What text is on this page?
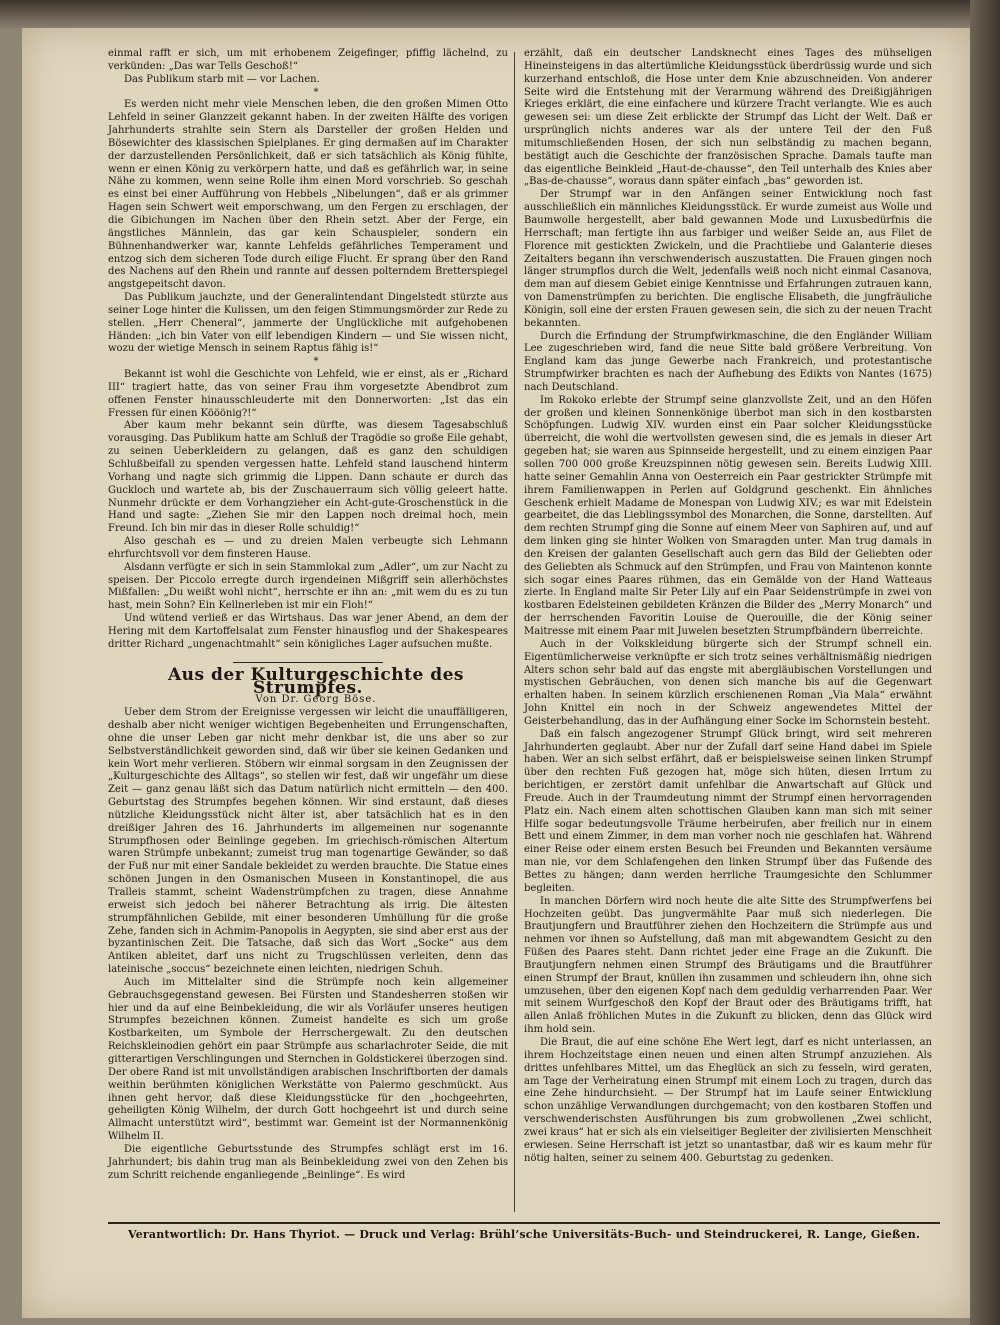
einmal rafft er sich, um mit erhobenem Zeigefinger, pfiffig lächelnd, zu verkünden: „Das war Tells Geschoß!“

Das Publikum starb mit — vor Lachen.

*

Es werden nicht mehr viele Menschen leben, die den großen Mimen Otto Lehfeld in seiner Glanzzeit gekannt haben. In der zweiten Hälfte des vorigen Jahrhunderts strahlte sein Stern als Darsteller der großen Helden und Bösewichter des klassischen Spielplanes. Er ging dermaßen auf im Charakter der darzustellenden Persönlichkeit, daß er sich tatsächlich als König fühlte, wenn er einen König zu verkörpern hatte, und daß es gefährlich war, in seine Nähe zu kommen, wenn seine Rolle ihm einen Mord vorschrieb. So geschah es einst bei einer Aufführung von Hebbels „Nibelungen“, daß er als grimmer Hagen sein Schwert weit emporschwang, um den Fergen zu erschlagen, der die Gibichungen im Nachen über den Rhein setzt. Aber der Ferge, ein ängstliches Männlein, das gar kein Schauspieler, sondern ein Bühnenhandwerker war, kannte Lehfelds gefährliches Temperament und entzog sich dem sicheren Tode durch eilige Flucht. Er sprang über den Rand des Nachens auf den Rhein und rannte auf dessen polterndem Bretterspiegel angstgepeitscht davon.

Das Publikum jauchzte, und der Generalintendant Dingelstedt stürzte aus seiner Loge hinter die Kulissen, um den feigen Stimmungsmörder zur Rede zu stellen. „Herr Cheneral“, jammerte der Unglückliche mit aufgehobenen Händen: „ich bin Vater von eilf lebendigen Kindern — und Sie wissen nicht, wozu der wietige Mensch in seinem Raptus fähig is!“

*

Bekannt ist wohl die Geschichte von Lehfeld, wie er einst, als er „Richard III“ tragiert hatte, das von seiner Frau ihm vorgesetzte Abendbrot zum offenen Fenster hinausschleuderte mit den Donnerworten: „Ist das ein Fressen für einen Kööönig?!“

Aber kaum mehr bekannt sein dürfte, was diesem Tagesabschluß vorausging. Das Publikum hatte am Schluß der Tragödie so große Eile gehabt, zu seinen Ueberkleidern zu gelangen, daß es ganz den schuldigen Schlußbeifall zu spenden vergessen hatte. Lehfeld stand lauschend hinterm Vorhang und nagte sich grimmig die Lippen. Dann schaute er durch das Guckloch und wartete ab, bis der Zuschauerraum sich völlig geleert hatte. Nunmehr drückte er dem Vorhangzieher ein Acht-gute-Groschenstück in die Hand und sagte: „Ziehen Sie mir den Lappen noch dreimal hoch, mein Freund. Ich bin mir das in dieser Rolle schuldig!“

Also geschah es — und zu dreien Malen verbeugte sich Lehmann ehrfurchtsvoll vor dem finsteren Hause.

Alsdann verfügte er sich in sein Stammlokal zum „Adler“, um zur Nacht zu speisen. Der Piccolo erregte durch irgendeinen Mißgriff sein allerhöchstes Mißfallen: „Du weißt wohl nicht“, herrschte er ihn an: „mit wem du es zu tun hast, mein Sohn? Ein Kellnerleben ist mir ein Floh!“

Und wütend verließ er das Wirtshaus. Das war jener Abend, an dem der Hering mit dem Kartoffelsalat zum Fenster hinausflog und der Shakespeares dritter Richard „ungenachtmahlt“ sein königliches Lager aufsuchen mußte.

Aus der Kulturgeschichte des Strumpfes.

Von Dr. Georg Böse.

Ueber dem Strom der Ereignisse vergessen wir leicht die unauffälligeren, deshalb aber nicht weniger wichtigen Begebenheiten und Errungenschaften, ohne die unser Leben gar nicht mehr denkbar ist, die uns aber so zur Selbstverständlichkeit geworden sind, daß wir über sie keinen Gedanken und kein Wort mehr verlieren. Stöbern wir einmal sorgsam in den Zeugnissen der „Kulturgeschichte des Alltags“, so stellen wir fest, daß wir ungefähr um diese Zeit — ganz genau läßt sich das Datum natürlich nicht ermitteln — den 400. Geburtstag des Strumpfes begehen können. Wir sind erstaunt, daß dieses nützliche Kleidungsstück nicht älter ist, aber tatsächlich hat es in den dreißiger Jahren des 16. Jahrhunderts im allgemeinen nur sogenannte Strumpfhosen oder Beinlinge gegeben. Im griechisch-römischen Altertum waren Strümpfe unbekannt; zumeist trug man togenartige Gewänder, so daß der Fuß nur mit einer Sandale bekleidet zu werden brauchte. Die Statue eines schönen Jungen in den Osmanischen Museen in Konstantinopel, die aus Tralleis stammt, scheint Wadenstrümpfchen zu tragen, diese Annahme erweist sich jedoch bei näherer Betrachtung als irrig. Die ältesten strumpfähnlichen Gebilde, mit einer besonderen Umhüllung für die große Zehe, fanden sich in Achmim-Panopolis in Aegypten, sie sind aber erst aus der byzantinischen Zeit. Die Tatsache, daß sich das Wort „Socke“ aus dem Antiken ableitet, darf uns nicht zu Trugschlüssen verleiten, denn das lateinische „soccus“ bezeichnete einen leichten, niedrigen Schuh.

Auch im Mittelalter sind die Strümpfe noch kein allgemeiner Gebrauchsgegenstand gewesen. Bei Fürsten und Standesherren stoßen wir hier und da auf eine Beinbekleidung, die wir als Vorläufer unseres heutigen Strumpfes bezeichnen können. Zumeist handelte es sich um große Kostbarkeiten, um Symbole der Herrschergewalt. Zu den deutschen Reichskleinodien gehört ein paar Strümpfe aus scharlachroter Seide, die mit gitterartigen Verschlingungen und Sternchen in Goldstickerei überzogen sind. Der obere Rand ist mit unvollständigen arabischen Inschriftborten der damals weithin berühmten königlichen Werkstätte von Palermo geschmückt. Aus ihnen geht hervor, daß diese Kleidungsstücke für den „hochgeehrten, geheiligten König Wilhelm, der durch Gott hochgeehrt ist und durch seine Allmacht unterstützt wird“, bestimmt war. Gemeint ist der Normannenkönig Wilhelm II.

Die eigentliche Geburtsstunde des Strumpfes schlägt erst im 16. Jahrhundert; bis dahin trug man als Beinbekleidung zwei von den Zehen bis zum Schritt reichende enganliegende „Beinlinge“. Es wird

erzählt, daß ein deutscher Landsknecht eines Tages des mühseligen Hineinsteigens in das altertümliche Kleidungsstück überdrüssig wurde und sich kurzerhand entschloß, die Hose unter dem Knie abzuschneiden. Von anderer Seite wird die Entstehung mit der Verarmung während des Dreißigjährigen Krieges erklärt, die eine einfachere und kürzere Tracht verlangte. Wie es auch gewesen sei: um diese Zeit erblickte der Strumpf das Licht der Welt. Daß er ursprünglich nichts anderes war als der untere Teil der den Fuß mitumschließenden Hosen, der sich nun selbständig zu machen begann, bestätigt auch die Geschichte der französischen Sprache. Damals taufte man das eigentliche Beinkleid „Haut-de-chausse“, den Teil unterhalb des Knies aber „Bas-de-chausse“, woraus dann später einfach „bas“ geworden ist.

Der Strumpf war in den Anfängen seiner Entwicklung noch fast ausschließlich ein männliches Kleidungsstück. Er wurde zumeist aus Wolle und Baumwolle hergestellt, aber bald gewannen Mode und Luxusbedürfnis die Herrschaft; man fertigte ihn aus farbiger und weißer Seide an, aus Filet de Florence mit gestickten Zwickeln, und die Prachtliebe und Galanterie dieses Zeitalters begann ihn verschwenderisch auszustatten. Die Frauen gingen noch länger strumpflos durch die Welt, jedenfalls weiß noch nicht einmal Casanova, dem man auf diesem Gebiet einige Kenntnisse und Erfahrungen zutrauen kann, von Damenstrümpfen zu berichten. Die englische Elisabeth, die jungfräuliche Königin, soll eine der ersten Frauen gewesen sein, die sich zu der neuen Tracht bekannten.

Durch die Erfindung der Strumpfwirkmaschine, die den Engländer William Lee zugeschrieben wird, fand die neue Sitte bald größere Verbreitung. Von England kam das junge Gewerbe nach Frankreich, und protestantische Strumpfwirker brachten es nach der Aufhebung des Edikts von Nantes (1675) nach Deutschland.

Im Rokoko erlebte der Strumpf seine glanzvollste Zeit, und an den Höfen der großen und kleinen Sonnenkönige überbot man sich in den kostbarsten Schöpfungen. Ludwig XIV. wurden einst ein Paar solcher Kleidungsstücke überreicht, die wohl die wertvollsten gewesen sind, die es jemals in dieser Art gegeben hat; sie waren aus Spinnseide hergestellt, und zu einem einzigen Paar sollen 700 000 große Kreuzspinnen nötig gewesen sein. Bereits Ludwig XIII. hatte seiner Gemahlin Anna von Oesterreich ein Paar gestrickter Strümpfe mit ihrem Familienwappen in Perlen auf Goldgrund geschenkt. Ein ähnliches Geschenk erhielt Madame de Monespan von Ludwig XIV.; es war mit Edelstein gearbeitet, die das Lieblingssymbol des Monarchen, die Sonne, darstellten. Auf dem rechten Strumpf ging die Sonne auf einem Meer von Saphiren auf, und auf dem linken ging sie hinter Wolken von Smaragden unter. Man trug damals in den Kreisen der galanten Gesellschaft auch gern das Bild der Geliebten oder des Geliebten als Schmuck auf den Strümpfen, und Frau von Maintenon konnte sich sogar eines Paares rühmen, das ein Gemälde von der Hand Watteaus zierte. In England malte Sir Peter Lily auf ein Paar Seidenstrümpfe in zwei von kostbaren Edelsteinen gebildeten Kränzen die Bilder des „Merry Monarch“ und der herrschenden Favoritin Louise de Querouille, die der König seiner Maitresse mit einem Paar mit Juwelen besetzten Strumpfbändern überreichte.

Auch in der Volkskleidung bürgerte sich der Strumpf schnell ein. Eigentümlicherweise verknüpfte er sich trotz seines verhältnismäßig niedrigen Alters schon sehr bald auf das engste mit abergläubischen Vorstellungen und mystischen Gebräuchen, von denen sich manche bis auf die Gegenwart erhalten haben. In seinem kürzlich erschienenen Roman „Via Mala“ erwähnt John Knittel ein noch in der Schweiz angewendetes Mittel der Geisterbehandlung, das in der Aufhängung einer Socke im Schornstein besteht.

Daß ein falsch angezogener Strumpf Glück bringt, wird seit mehreren Jahrhunderten geglaubt. Aber nur der Zufall darf seine Hand dabei im Spiele haben. Wer an sich selbst erfährt, daß er beispielsweise seinen linken Strumpf über den rechten Fuß gezogen hat, möge sich hüten, diesen Irrtum zu berichtigen, er zerstört damit unfehlbar die Anwartschaft auf Glück und Freude. Auch in der Traumdeutung nimmt der Strumpf einen hervorragenden Platz ein. Nach einem alten schottischen Glauben kann man sich mit seiner Hilfe sogar bedeutungsvolle Träume herbeirufen, aber freilich nur in einem Bett und einem Zimmer, in dem man vorher noch nie geschlafen hat. Während einer Reise oder einem ersten Besuch bei Freunden und Bekannten versäume man nie, vor dem Schlafengehen den linken Strumpf über das Fußende des Bettes zu hängen; dann werden herrliche Traumgesichte den Schlummer begleiten.

In manchen Dörfern wird noch heute die alte Sitte des Strumpfwerfens bei Hochzeiten geübt. Das jungvermählte Paar muß sich niederlegen. Die Brautjungfern und Brautführer ziehen den Hochzeitern die Strümpfe aus und nehmen vor ihnen so Aufstellung, daß man mit abgewandtem Gesicht zu den Füßen des Paares steht. Dann richtet jeder eine Frage an die Zukunft. Die Brautjungfern nehmen einen Strumpf des Bräutigams und die Brautführer einen Strumpf der Braut, knüllen ihn zusammen und schleudern ihn, ohne sich umzusehen, über den eigenen Kopf nach dem geduldig verharrenden Paar. Wer mit seinem Wurfgeschoß den Kopf der Braut oder des Bräutigams trifft, hat allen Anlaß fröhlichen Mutes in die Zukunft zu blicken, denn das Glück wird ihm hold sein.

Die Braut, die auf eine schöne Ehe Wert legt, darf es nicht unterlassen, an ihrem Hochzeitstage einen neuen und einen alten Strumpf anzuziehen. Als drittes unfehlbares Mittel, um das Eheglück an sich zu fesseln, wird geraten, am Tage der Verheiratung einen Strumpf mit einem Loch zu tragen, durch das eine Zehe hindurchsieht. — Der Strumpf hat im Laufe seiner Entwicklung schon unzählige Verwandlungen durchgemacht; von den kostbaren Stoffen und verschwenderischsten Ausführungen bis zum grobwollenen „Zwei schlicht, zwei kraus“ hat er sich als ein vielseitiger Begleiter der zivilisierten Menschheit erwiesen. Seine Herrschaft ist jetzt so unantastbar, daß wir es kaum mehr für nötig halten, seiner zu seinem 400. Geburtstag zu gedenken.

Verantwortlich: Dr. Hans Thyriot. — Druck und Verlag: Brühl’sche Universitäts-Buch- und Steindruckerei, R. Lange, Gießen.
